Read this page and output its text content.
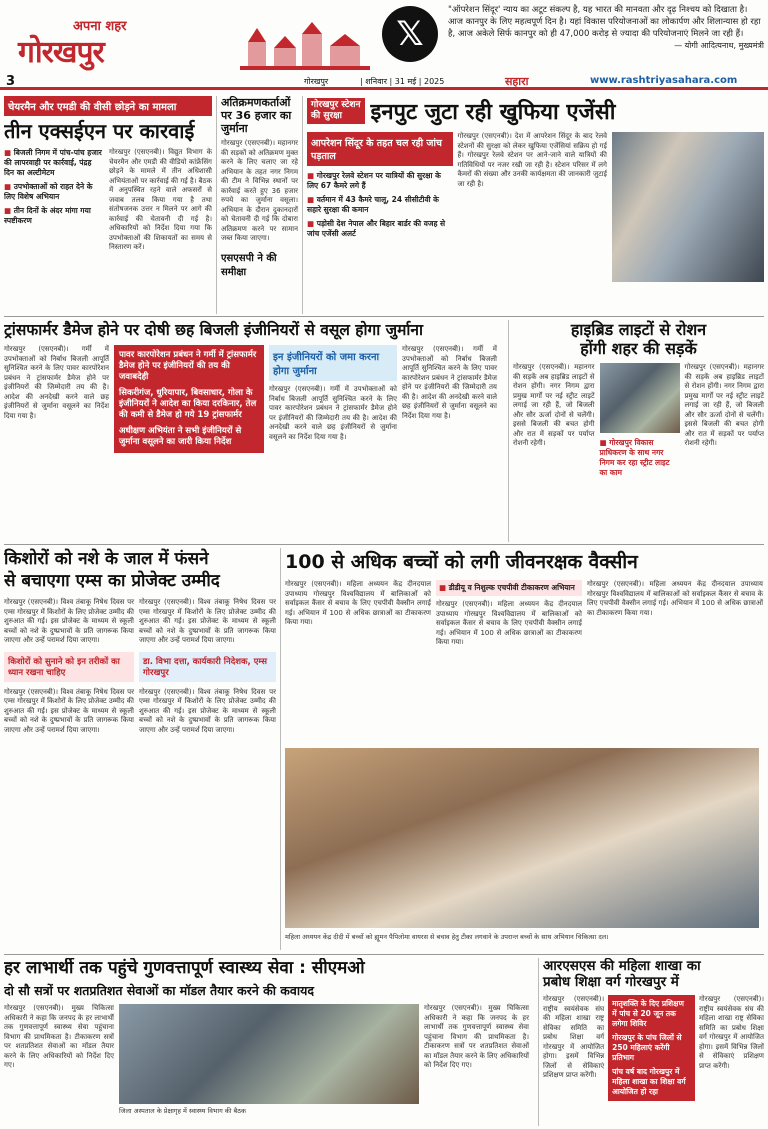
3
अपना शहर
गोरखपुर	𝕏
"ऑपरेशन सिंदूर' न्याय का अटूट संकल्प है, यह भारत की मानवता और दृढ़ निश्चय को दिखाता है। आज कानपुर के लिए महत्वपूर्ण दिन है। यहां विकास परियोजनाओं का लोकार्पण और शिलान्यास हो रहा है, आज अकेले सिर्फ कानपुर को ही 47,000 करोड़ से ज्यादा की परियोजनाएं मिलने जा रही हैं।
— योगी आदित्यनाथ, मुख्यमंत्री
गोरखपुर	| शनिवार | 31 मई | 2025	सहारा	www.rashtriyasahara.com
चेयरमैन और एमडी की वीसी छोड़ने का मामला
तीन एक्सईएन पर कारवाई
■ बिजली निगम में पांच-पांच हजार की लापरवाही पर कार्रवाई, पंद्रह दिन का अल्टीमेटम
■ उपभोक्ताओं को राहत देने के लिए विशेष अभियान
■ तीन दिनों के अंदर मांगा गया स्पष्टीकरण
गोरखपुर (एसएनबी)। विद्युत विभाग के चेयरमैन और एमडी की वीडियो कांफ्रेंसिंग छोड़ने के मामले में तीन अधिशासी अभियंताओं पर कार्रवाई की गई है। बैठक में अनुपस्थित रहने वाले अफसरों से जवाब तलब किया गया है तथा संतोषजनक उत्तर न मिलने पर आगे की कार्रवाई की चेतावनी दी गई है। अधिकारियों को निर्देश दिया गया कि उपभोक्ताओं की शिकायतों का समय से निस्तारण करें।
अतिक्रमणकर्ताओं पर 36 हजार का जुर्माना
गोरखपुर (एसएनबी)। महानगर की सड़कों को अतिक्रमण मुक्त करने के लिए चलाए जा रहे अभियान के तहत नगर निगम की टीम ने विभिन्न स्थानों पर कार्रवाई करते हुए 36 हजार रुपये का जुर्माना वसूला। अभियान के दौरान दुकानदारों को चेतावनी दी गई कि दोबारा अतिक्रमण करने पर सामान जब्त किया जाएगा।
एसएसपी ने की समीक्षा
गोरखपुर स्टेशन
की सुरक्षा	इनपुट जुटा रही खुफिया एजेंसी
आपरेशन सिंदूर के तहत चल रही जांच पड़ताल
■ गोरखपुर रेलवे स्टेशन पर यात्रियों की सुरक्षा के लिए 67 कैमरे लगे हैं
■ वर्तमान में 43 कैमरे चालू, 24 सीसीटीवी के सहारे सुरक्षा की कमान
■ पड़ोसी देश नेपाल और बिहार बार्डर की वजह से जांच एजेंसी अलर्ट
गोरखपुर (एसएनबी)। देश में आपरेशन सिंदूर के बाद रेलवे स्टेशनों की सुरक्षा को लेकर खुफिया एजेंसियां सक्रिय हो गई हैं। गोरखपुर रेलवे स्टेशन पर आने-जाने वाले यात्रियों की गतिविधियों पर नजर रखी जा रही है। स्टेशन परिसर में लगे कैमरों की संख्या और उनकी कार्यक्षमता की जानकारी जुटाई जा रही है।
ट्रांसफार्मर डैमेज होने पर दोषी छह बिजली इंजीनियरों से वसूल होगा जुर्माना
गोरखपुर (एसएनबी)। गर्मी में उपभोक्ताओं को निर्बाध बिजली आपूर्ति सुनिश्चित करने के लिए पावर कारपोरेशन प्रबंधन ने ट्रांसफार्मर डैमेज होने पर इंजीनियरों की जिम्मेदारी तय की है। आदेश की अनदेखी करने वाले छह इंजीनियरों से जुर्माना वसूलने का निर्देश दिया गया है।
पावर कारपोरेशन प्रबंधन ने गर्मी में ट्रांसफार्मर डैमेज होने पर इंजीनियरों की तय की जवाबदेही
सिकरीगंज, धुरियापार, बिवसाधार, गोला के इंजीनियरों ने आदेश का किया दरकिनार, तेल की कमी से डैमेज हो गये 19 ट्रांसफार्मर
अधीक्षण अभियंता ने सभी इंजीनियरों से जुर्माना वसूलने का जारी किया निर्देश
इन इंजीनियरों को जमा करना होगा जुर्माना
गोरखपुर (एसएनबी)। गर्मी में उपभोक्ताओं को निर्बाध बिजली आपूर्ति सुनिश्चित करने के लिए पावर कारपोरेशन प्रबंधन ने ट्रांसफार्मर डैमेज होने पर इंजीनियरों की जिम्मेदारी तय की है। आदेश की अनदेखी करने वाले छह इंजीनियरों से जुर्माना वसूलने का निर्देश दिया गया है।
गोरखपुर (एसएनबी)। गर्मी में उपभोक्ताओं को निर्बाध बिजली आपूर्ति सुनिश्चित करने के लिए पावर कारपोरेशन प्रबंधन ने ट्रांसफार्मर डैमेज होने पर इंजीनियरों की जिम्मेदारी तय की है। आदेश की अनदेखी करने वाले छह इंजीनियरों से जुर्माना वसूलने का निर्देश दिया गया है।
हाइब्रिड लाइटों से रोशन
होंगी शहर की सड़कें
गोरखपुर (एसएनबी)। महानगर की सड़कें अब हाइब्रिड लाइटों से रोशन होंगी। नगर निगम द्वारा प्रमुख मार्गों पर नई स्ट्रीट लाइटें लगाई जा रही हैं, जो बिजली और सौर ऊर्जा दोनों से चलेंगी। इससे बिजली की बचत होगी और रात में सड़कों पर पर्याप्त रोशनी रहेगी।
■	गोरखपुर विकास प्राधिकरण के साथ नगर निगम कर रहा स्ट्रीट लाइट का काम
गोरखपुर (एसएनबी)। महानगर की सड़कें अब हाइब्रिड लाइटों से रोशन होंगी। नगर निगम द्वारा प्रमुख मार्गों पर नई स्ट्रीट लाइटें लगाई जा रही हैं, जो बिजली और सौर ऊर्जा दोनों से चलेंगी। इससे बिजली की बचत होगी और रात में सड़कों पर पर्याप्त रोशनी रहेगी।
किशोरों को नशे के जाल में फंसने
से बचाएगा एम्स का प्रोजेक्ट उम्मीद
गोरखपुर (एसएनबी)। विश्व तंबाकू निषेध दिवस पर एम्स गोरखपुर में किशोरों के लिए प्रोजेक्ट उम्मीद की शुरुआत की गई। इस प्रोजेक्ट के माध्यम से स्कूली बच्चों को नशे के दुष्प्रभावों के प्रति जागरूक किया जाएगा और उन्हें परामर्श दिया जाएगा।
किशोरों को सुनाने को इन तरीकों का ध्यान रखना चाहिए
गोरखपुर (एसएनबी)। विश्व तंबाकू निषेध दिवस पर एम्स गोरखपुर में किशोरों के लिए प्रोजेक्ट उम्मीद की शुरुआत की गई। इस प्रोजेक्ट के माध्यम से स्कूली बच्चों को नशे के दुष्प्रभावों के प्रति जागरूक किया जाएगा और उन्हें परामर्श दिया जाएगा।
गोरखपुर (एसएनबी)। विश्व तंबाकू निषेध दिवस पर एम्स गोरखपुर में किशोरों के लिए प्रोजेक्ट उम्मीद की शुरुआत की गई। इस प्रोजेक्ट के माध्यम से स्कूली बच्चों को नशे के दुष्प्रभावों के प्रति जागरूक किया जाएगा और उन्हें परामर्श दिया जाएगा।
डा. विभा दत्ता, कार्यकारी निदेशक, एम्स गोरखपुर
गोरखपुर (एसएनबी)। विश्व तंबाकू निषेध दिवस पर एम्स गोरखपुर में किशोरों के लिए प्रोजेक्ट उम्मीद की शुरुआत की गई। इस प्रोजेक्ट के माध्यम से स्कूली बच्चों को नशे के दुष्प्रभावों के प्रति जागरूक किया जाएगा और उन्हें परामर्श दिया जाएगा।
100 से अधिक बच्चों को लगी जीवनरक्षक वैक्सीन
गोरखपुर (एसएनबी)। महिला अध्ययन केंद्र दीनदयाल उपाध्याय गोरखपुर विश्वविद्यालय में बालिकाओं को सर्वाइकल कैंसर से बचाव के लिए एचपीवी वैक्सीन लगाई गई। अभियान में 100 से अधिक छात्राओं का टीकाकरण किया गया।
■ डीडीयू व निशुल्क एचपीवी टीकाकरण अभियान
गोरखपुर (एसएनबी)। महिला अध्ययन केंद्र दीनदयाल उपाध्याय गोरखपुर विश्वविद्यालय में बालिकाओं को सर्वाइकल कैंसर से बचाव के लिए एचपीवी वैक्सीन लगाई गई। अभियान में 100 से अधिक छात्राओं का टीकाकरण किया गया।
गोरखपुर (एसएनबी)। महिला अध्ययन केंद्र दीनदयाल उपाध्याय गोरखपुर विश्वविद्यालय में बालिकाओं को सर्वाइकल कैंसर से बचाव के लिए एचपीवी वैक्सीन लगाई गई। अभियान में 100 से अधिक छात्राओं का टीकाकरण किया गया।
महिला अध्ययन केंद्र दीदी में बच्चों को ह्यूमन पैपिलोमा वायरस से बचाव हेतु टीका लगवाने के उपरान्त बच्चों के साथ अभियान चिकित्सा दल।
हर लाभार्थी तक पहुंचे गुणवत्तापूर्ण स्वास्थ्य सेवा : सीएमओ
दो सौ सत्रों पर शतप्रतिशत सेवाओं का मॉडल तैयार करने की कवायद
गोरखपुर (एसएनबी)। मुख्य चिकित्सा अधिकारी ने कहा कि जनपद के हर लाभार्थी तक गुणवत्तापूर्ण स्वास्थ्य सेवा पहुंचाना विभाग की प्राथमिकता है। टीकाकरण सत्रों पर शतप्रतिशत सेवाओं का मॉडल तैयार करने के लिए अधिकारियों को निर्देश दिए गए।
जिला अस्पताल के प्रेक्षागृह में स्वास्थ्य विभाग की बैठक
गोरखपुर (एसएनबी)। मुख्य चिकित्सा अधिकारी ने कहा कि जनपद के हर लाभार्थी तक गुणवत्तापूर्ण स्वास्थ्य सेवा पहुंचाना विभाग की प्राथमिकता है। टीकाकरण सत्रों पर शतप्रतिशत सेवाओं का मॉडल तैयार करने के लिए अधिकारियों को निर्देश दिए गए।
आरएसएस की महिला शाखा का
प्रबोध शिक्षा वर्ग गोरखपुर में
गोरखपुर (एसएनबी)। राष्ट्रीय स्वयंसेवक संघ की महिला शाखा राष्ट्र सेविका समिति का प्रबोध शिक्षा वर्ग गोरखपुर में आयोजित होगा। इसमें विभिन्न जिलों से सेविकाएं प्रशिक्षण प्राप्त करेंगी।
मातृशक्ति के दिए प्रशिक्षण में पांच से 20 जून तक लगेगा शिविर
गोरखपुर के पांच जिलों से 250 महिलाएं करेंगी प्रतिभाग
पांच वर्ष बाद गोरखपुर में महिला शाखा का शिक्षा वर्ग आयोजित हो रहा
गोरखपुर (एसएनबी)। राष्ट्रीय स्वयंसेवक संघ की महिला शाखा राष्ट्र सेविका समिति का प्रबोध शिक्षा वर्ग गोरखपुर में आयोजित होगा। इसमें विभिन्न जिलों से सेविकाएं प्रशिक्षण प्राप्त करेंगी।
